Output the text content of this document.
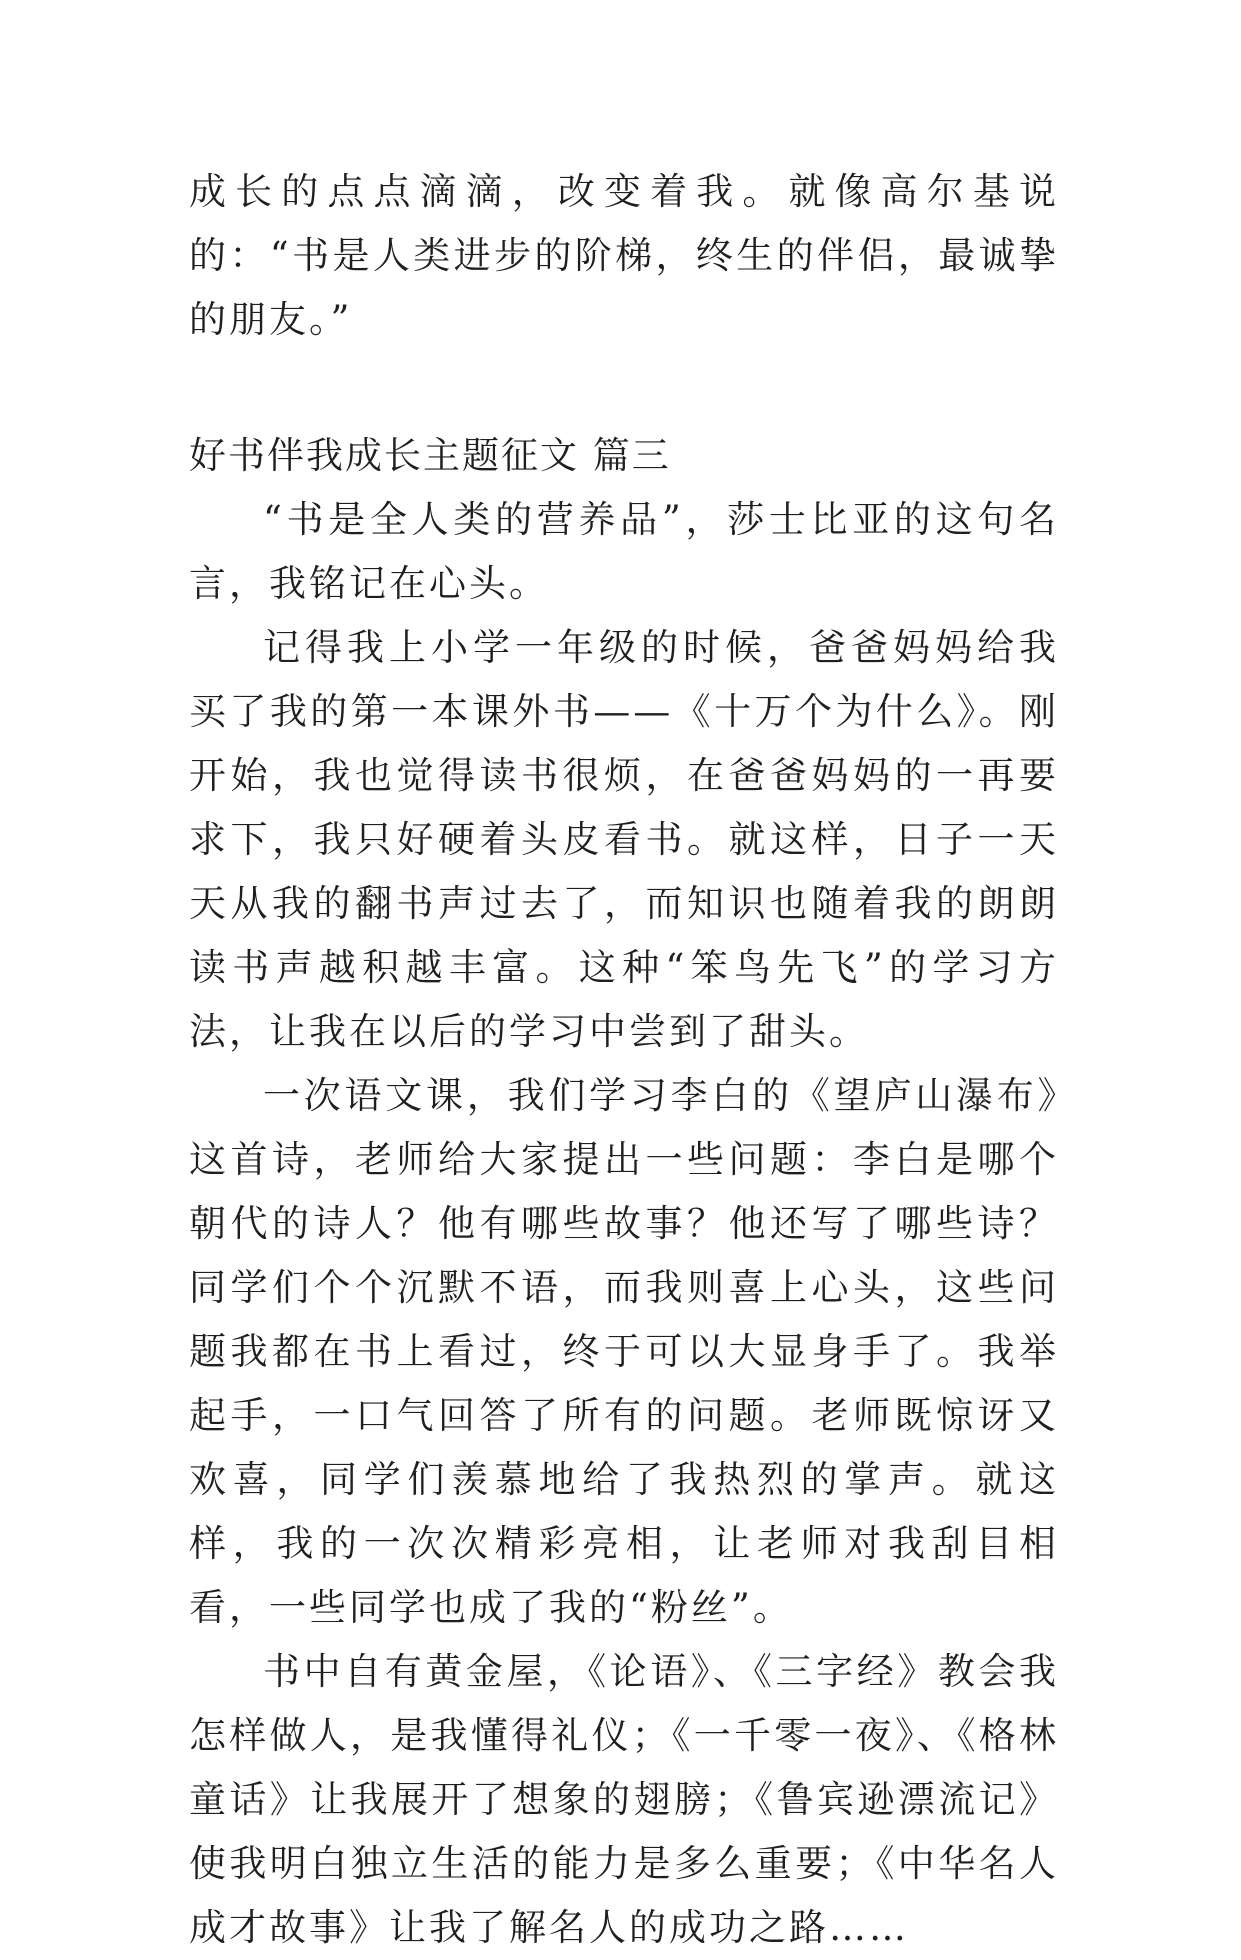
成长的点点滴滴，改变着我。就像高尔基说的：“书是人类进步的阶梯，终生的伴侣，最诚挚的朋友。”

好书伴我成长主题征文 篇三

“书是全人类的营养品”，莎士比亚的这句名言，我铭记在心头。

记得我上小学一年级的时候，爸爸妈妈给我买了我的第一本课外书——《十万个为什么》。刚开始，我也觉得读书很烦，在爸爸妈妈的一再要求下，我只好硬着头皮看书。就这样，日子一天天从我的翻书声过去了，而知识也随着我的朗朗读书声越积越丰富。这种“笨鸟先飞”的学习方法，让我在以后的学习中尝到了甜头。

一次语文课，我们学习李白的《望庐山瀑布》这首诗，老师给大家提出一些问题：李白是哪个朝代的诗人？他有哪些故事？他还写了哪些诗？同学们个个沉默不语，而我则喜上心头，这些问题我都在书上看过，终于可以大显身手了。我举起手，一口气回答了所有的问题。老师既惊讶又欢喜，同学们羡慕地给了我热烈的掌声。就这样，我的一次次精彩亮相，让老师对我刮目相看，一些同学也成了我的“粉丝”。

书中自有黄金屋，《论语》、《三字经》教会我怎样做人，是我懂得礼仪；《一千零一夜》、《格林童话》让我展开了想象的翅膀；《鲁宾逊漂流记》使我明白独立生活的能力是多么重要；《中华名人成才故事》让我了解名人的成功之路……
